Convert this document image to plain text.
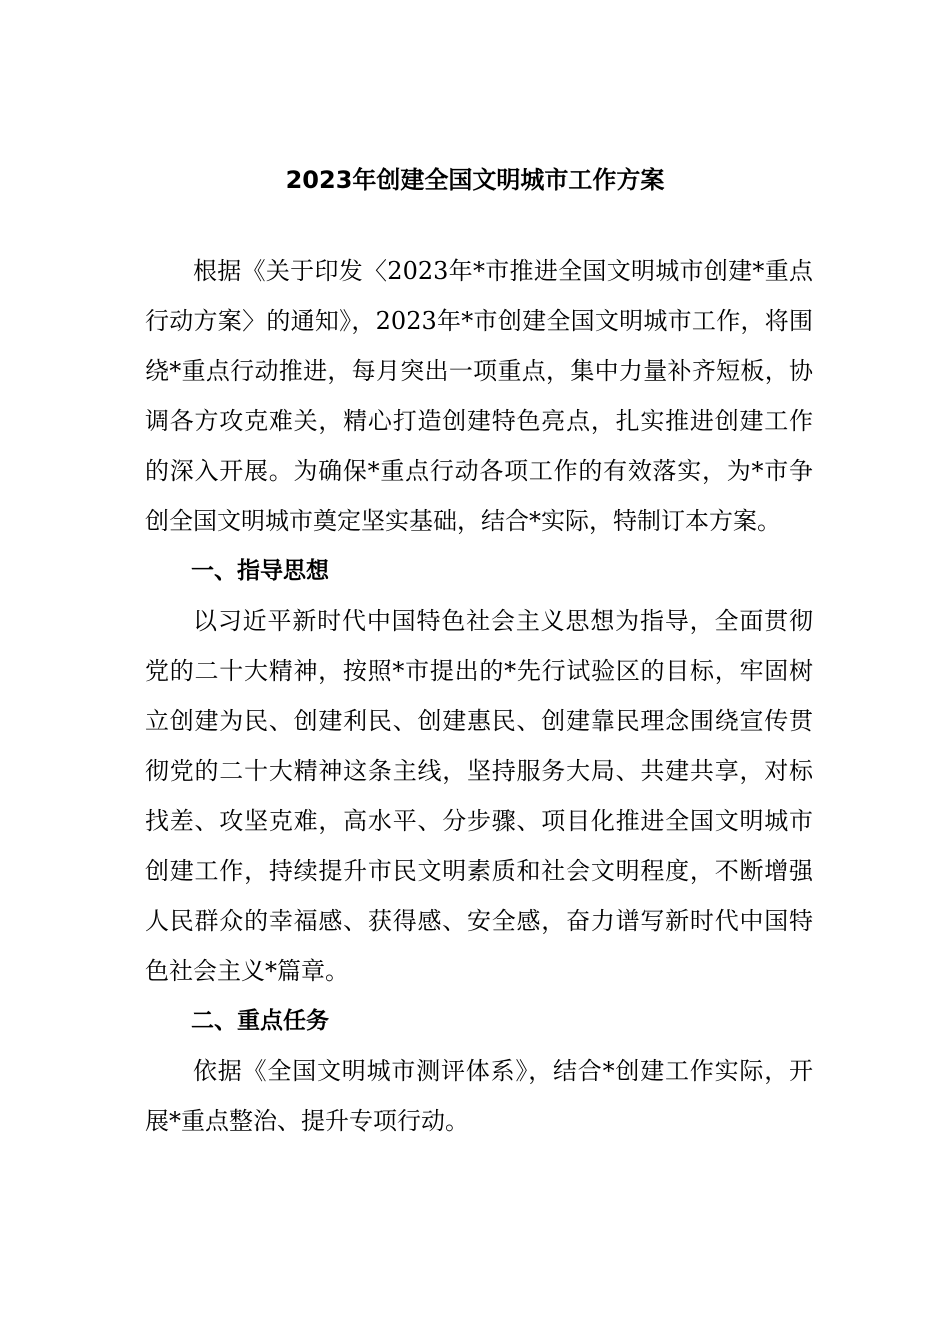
2023年创建全国文明城市工作方案

根据《关于印发〈2023年*市推进全国文明城市创建*重点行动方案〉的通知》，2023年*市创建全国文明城市工作，将围绕*重点行动推进，每月突出一项重点，集中力量补齐短板，协调各方攻克难关，精心打造创建特色亮点，扎实推进创建工作的深入开展。为确保*重点行动各项工作的有效落实，为*市争创全国文明城市奠定坚实基础，结合*实际，特制订本方案。

一、指导思想

以习近平新时代中国特色社会主义思想为指导，全面贯彻党的二十大精神，按照*市提出的*先行试验区的目标，牢固树立创建为民、创建利民、创建惠民、创建靠民理念围绕宣传贯彻党的二十大精神这条主线，坚持服务大局、共建共享，对标找差、攻坚克难，高水平、分步骤、项目化推进全国文明城市创建工作，持续提升市民文明素质和社会文明程度，不断增强人民群众的幸福感、获得感、安全感，奋力谱写新时代中国特色社会主义*篇章。

二、重点任务

依据《全国文明城市测评体系》，结合*创建工作实际，开展*重点整治、提升专项行动。
